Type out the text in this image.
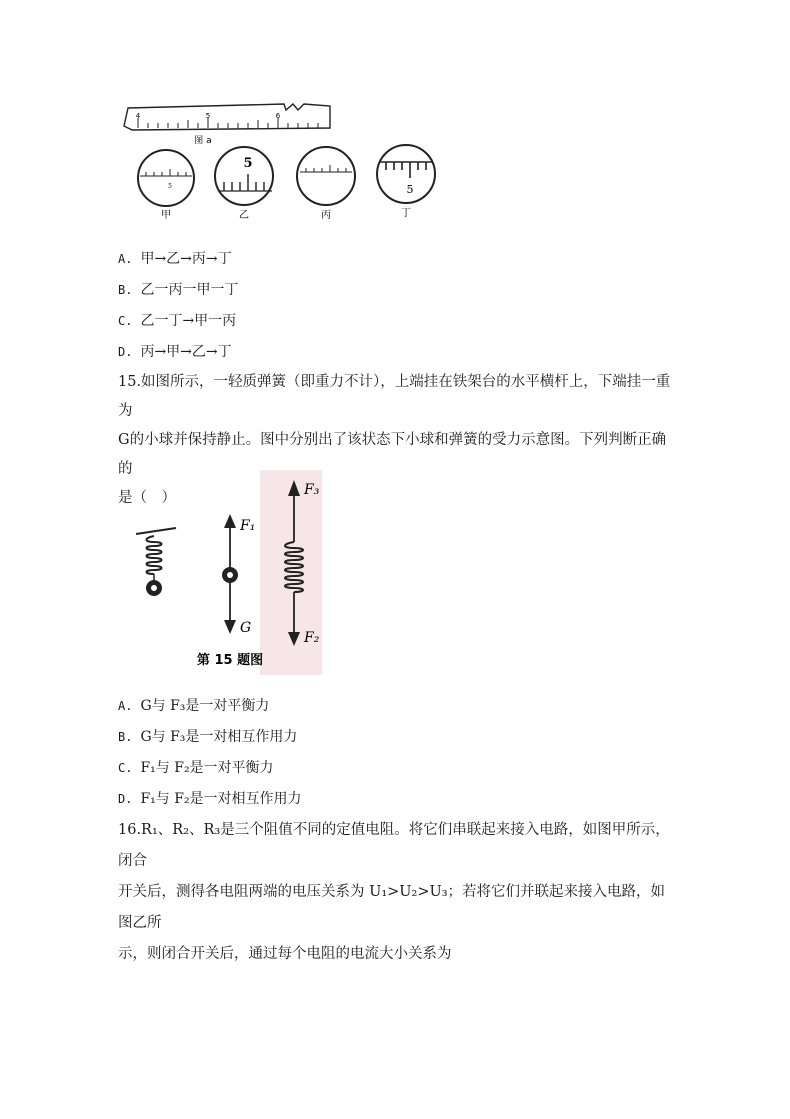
4	5	6
图 a
5
甲
5
乙	丙
5
丁
A. 甲→乙→丙→丁
B. 乙一丙一甲一丁
C. 乙一丁→甲一丙
D. 丙→甲→乙→丁
15.如图所示，一轻质弹簧（即重力不计），上端挂在铁架台的水平横杆上，下端挂一重为
G的小球并保持静止。图中分别出了该状态下小球和弹簧的受力示意图。下列判断正确的
是（　）
F₁
G
F₃
F₂
第 15 题图
A. G与 F₃是一对平衡力
B. G与 F₃是一对相互作用力
C. F₁与 F₂是一对平衡力
D. F₁与 F₂是一对相互作用力
16.R₁、R₂、R₃是三个阻值不同的定值电阻。将它们串联起来接入电路，如图甲所示，闭合
开关后，测得各电阻两端的电压关系为 U₁>U₂>U₃；若将它们并联起来接入电路，如图乙所
示，则闭合开关后，通过每个电阻的电流大小关系为
